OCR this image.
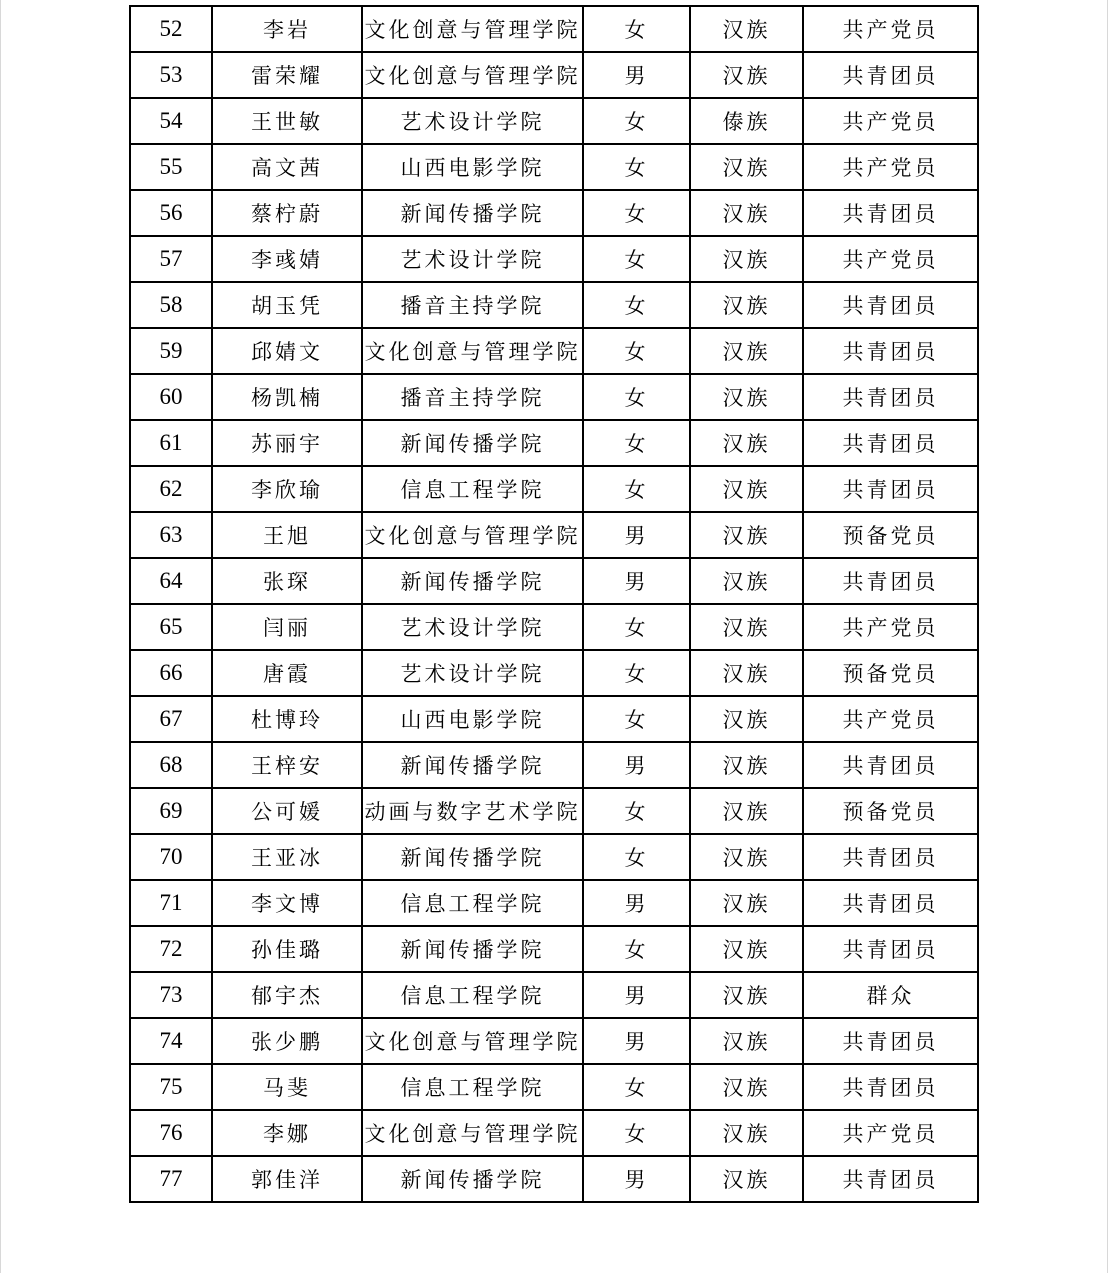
52	李岩	文化创意与管理学院	女	汉族	共产党员
53	雷荣耀	文化创意与管理学院	男	汉族	共青团员
54	王世敏	艺术设计学院	女	傣族	共产党员
55	高文茜	山西电影学院	女	汉族	共产党员
56	蔡柠蔚	新闻传播学院	女	汉族	共青团员
57	李彧婧	艺术设计学院	女	汉族	共产党员
58	胡玉凭	播音主持学院	女	汉族	共青团员
59	邱婧文	文化创意与管理学院	女	汉族	共青团员
60	杨凯楠	播音主持学院	女	汉族	共青团员
61	苏丽宇	新闻传播学院	女	汉族	共青团员
62	李欣瑜	信息工程学院	女	汉族	共青团员
63	王旭	文化创意与管理学院	男	汉族	预备党员
64	张琛	新闻传播学院	男	汉族	共青团员
65	闫丽	艺术设计学院	女	汉族	共产党员
66	唐霞	艺术设计学院	女	汉族	预备党员
67	杜博玲	山西电影学院	女	汉族	共产党员
68	王梓安	新闻传播学院	男	汉族	共青团员
69	公可媛	动画与数字艺术学院	女	汉族	预备党员
70	王亚冰	新闻传播学院	女	汉族	共青团员
71	李文博	信息工程学院	男	汉族	共青团员
72	孙佳璐	新闻传播学院	女	汉族	共青团员
73	郁宇杰	信息工程学院	男	汉族	群众
74	张少鹏	文化创意与管理学院	男	汉族	共青团员
75	马斐	信息工程学院	女	汉族	共青团员
76	李娜	文化创意与管理学院	女	汉族	共产党员
77	郭佳洋	新闻传播学院	男	汉族	共青团员
